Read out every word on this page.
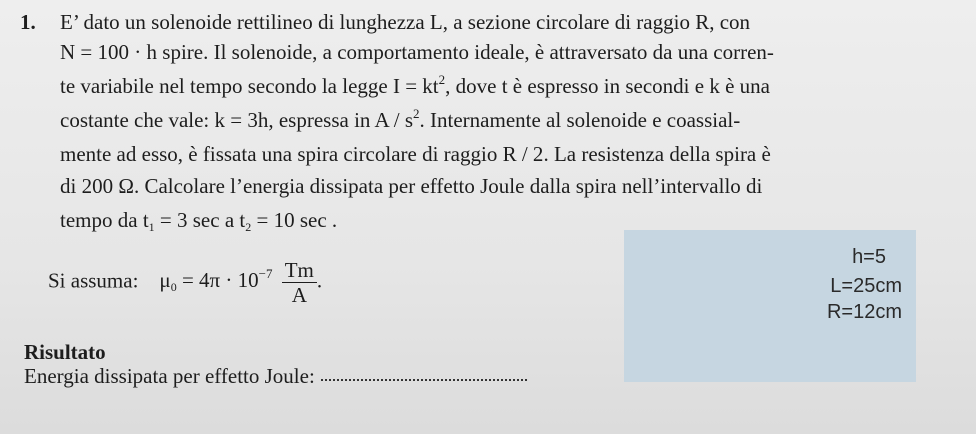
1. E’ dato un solenoide rettilineo di lunghezza L, a sezione circolare di raggio R, con
N = 100 · h spire. Il solenoide, a comportamento ideale, è attraversato da una corren-
te variabile nel tempo secondo la legge $I = kt^2$, dove t è espresso in secondi e k è una
costante che vale: k = 3h, espressa in A / $s^2$. Internamente al solenoide e coassial-
mente ad esso, è fissata una spira circolare di raggio R / 2. La resistenza della spira è
di 200 Ω. Calcolare l’energia dissipata per effetto Joule dalla spira nell’intervallo di
tempo da $t_1 = 3$ sec a $t_2 = 10$ sec .
Si assuma: $\mu_0 = 4\pi \cdot 10^{-7} \frac{Tm}{A}$ .
Risultato
Energia dissipata per effetto Joule:
h=5
L=25cm
R=12cm
